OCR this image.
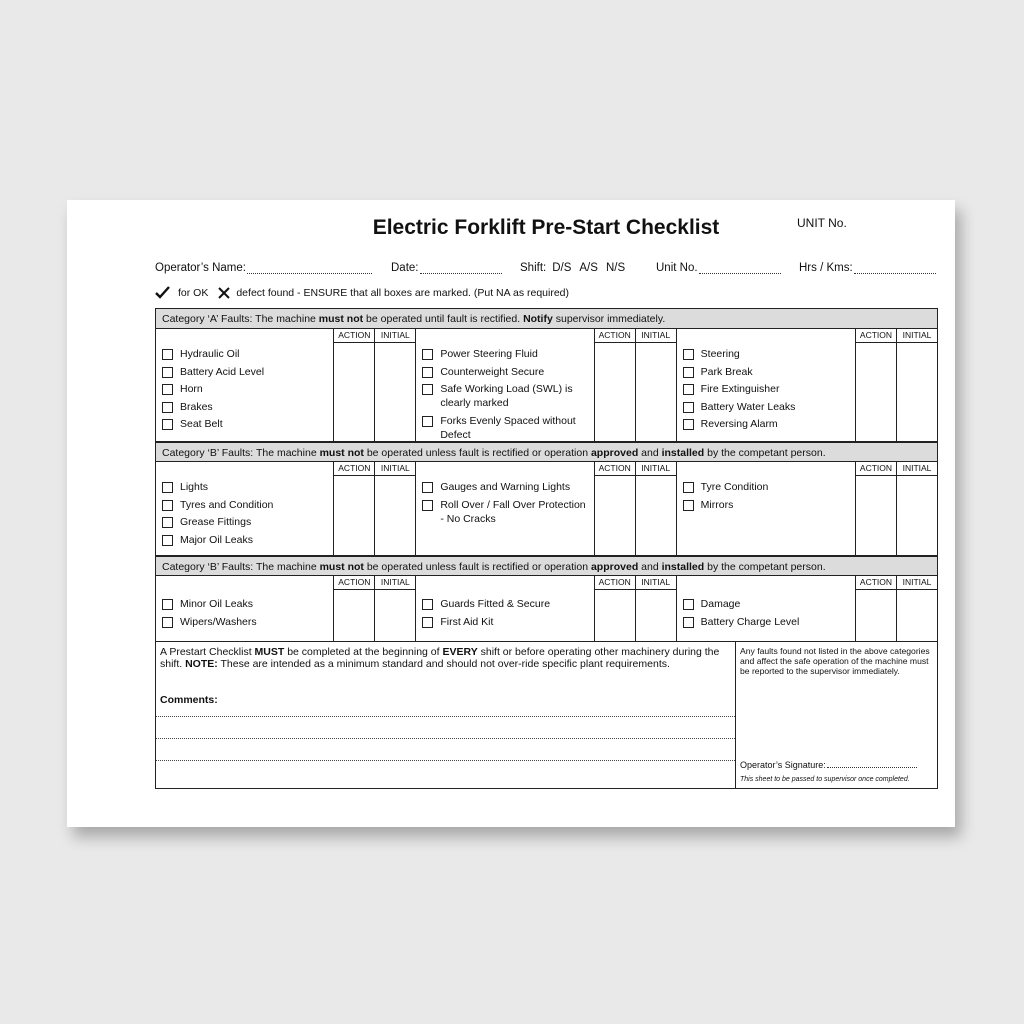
Electric Forklift Pre-Start Checklist	UNIT No.
Operator’s Name:	Date:	Shift: D/S A/S N/S	Unit No.	Hrs / Kms:
for OK	defect found - ENSURE that all boxes are marked. (Put NA as required)
Category ‘A’ Faults: The machine must not be operated until fault is rectified. Notify supervisor immediately.
Hydraulic Oil
Battery Acid Level
Horn
Brakes
Seat Belt
ACTION	INITIAL
Power Steering Fluid
Counterweight Secure
Safe Working Load (SWL) is clearly marked
Forks Evenly Spaced without Defect
ACTION	INITIAL
Steering
Park Break
Fire Extinguisher
Battery Water Leaks
Reversing Alarm
ACTION	INITIAL
Category ‘B’ Faults: The machine must not be operated unless fault is rectified or operation approved and installed by the competant person.
Lights
Tyres and Condition
Grease Fittings
Major Oil Leaks
ACTION	INITIAL
Gauges and Warning Lights
Roll Over / Fall Over Protection - No Cracks
ACTION	INITIAL
Tyre Condition
Mirrors
ACTION	INITIAL
Category ‘B’ Faults: The machine must not be operated unless fault is rectified or operation approved and installed by the competant person.
Minor Oil Leaks
Wipers/Washers
ACTION	INITIAL
Guards Fitted & Secure
First Aid Kit
ACTION	INITIAL
Damage
Battery Charge Level
ACTION	INITIAL
A Prestart Checklist MUST be completed at the beginning of EVERY shift or before operating other machinery during the shift. NOTE: These are intended as a minimum standard and should not over-ride specific plant requirements.
Comments:
Any faults found not listed in the above categories and affect the safe operation of the machine must be reported to the supervisor immediately.
Operator’s Signature:
This sheet to be passed to supervisor once completed.
